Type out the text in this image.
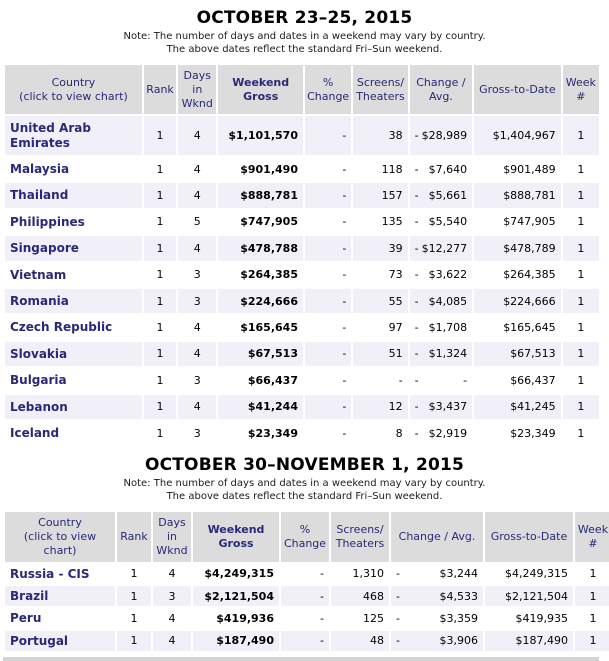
OCTOBER 23–25, 2015
Note: The number of days and dates in a weekend may vary by country.
The above dates reflect the standard Fri–Sun weekend.
Country
(click to view chart)	Rank	Days in Wknd	Weekend Gross	% Change	Screens/ Theaters	Change / Avg.	Gross-to-Date	Week #
United Arab Emirates	1	4	$1,101,570	-	38	- $28,989	$1,404,967	1
Malaysia	1	4	$901,490	-	118	- $7,640	$901,489	1
Thailand	1	4	$888,781	-	157	- $5,661	$888,781	1
Philippines	1	5	$747,905	-	135	- $5,540	$747,905	1
Singapore	1	4	$478,788	-	39	- $12,277	$478,789	1
Vietnam	1	3	$264,385	-	73	- $3,622	$264,385	1
Romania	1	3	$224,666	-	55	- $4,085	$224,666	1
Czech Republic	1	4	$165,645	-	97	- $1,708	$165,645	1
Slovakia	1	4	$67,513	-	51	- $1,324	$67,513	1
Bulgaria	1	3	$66,437	-	-	- -	$66,437	1
Lebanon	1	4	$41,244	-	12	- $3,437	$41,245	1
Iceland	1	3	$23,349	-	8	- $2,919	$23,349	1
OCTOBER 30–NOVEMBER 1, 2015
Note: The number of days and dates in a weekend may vary by country.
The above dates reflect the standard Fri–Sun weekend.
Country
(click to view chart)	Rank	Days in Wknd	Weekend Gross	% Change	Screens/ Theaters	Change / Avg.	Gross-to-Date	Week #
Russia - CIS	1	4	$4,249,315	-	1,310	- $3,244	$4,249,315	1
Brazil	1	3	$2,121,504	-	468	- $4,533	$2,121,504	1
Peru	1	4	$419,936	-	125	- $3,359	$419,935	1
Portugal	1	4	$187,490	-	48	- $3,906	$187,490	1
